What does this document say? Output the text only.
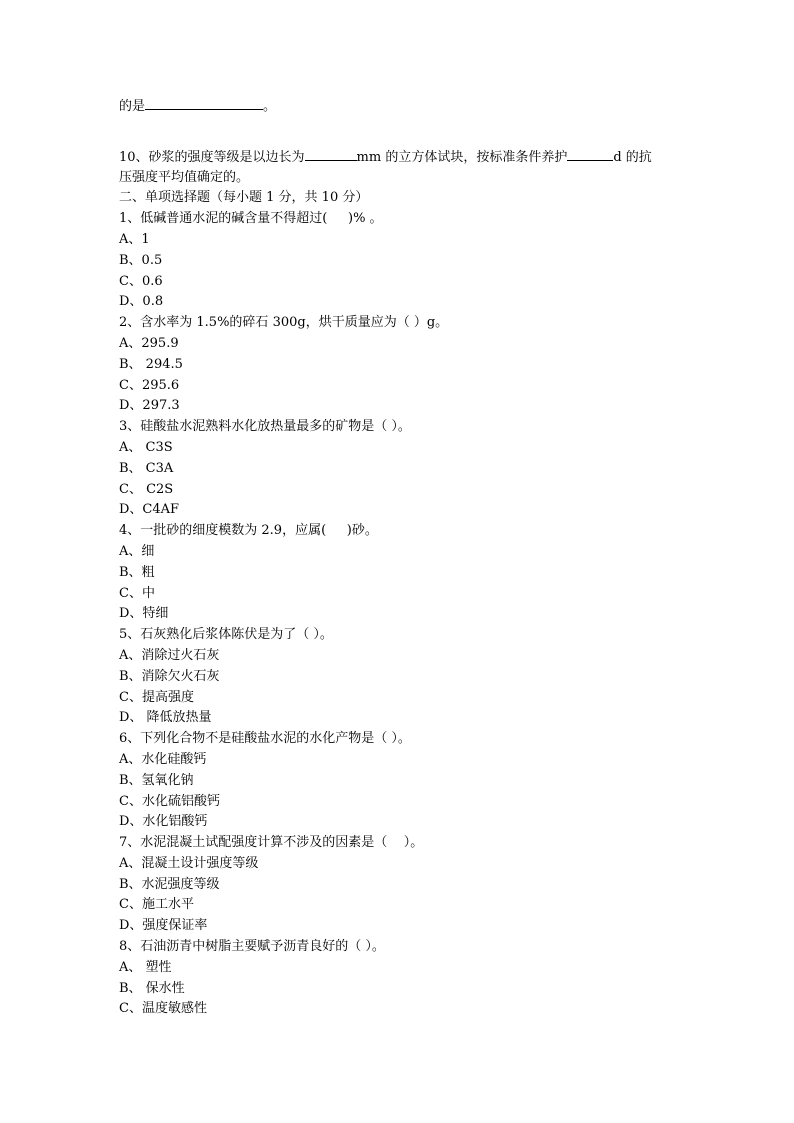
的是	。
10、砂浆的强度等级是以边长为	mm 的立方体试块，按标准条件养护	d 的抗
压强度平均值确定的。
二、单项选择题（每小题 1 分，共 10 分）
1、低碱普通水泥的碱含量不得超过(     )% 。
A、1
B、0.5
C、0.6
D、0.8
2、含水率为 1.5%的碎石 300g，烘干质量应为（ ）g。
A、295.9
B、 294.5
C、295.6
D、297.3
3、硅酸盐水泥熟料水化放热量最多的矿物是（ ）。
A、 C3S
B、 C3A
C、 C2S
D、C4AF
4、一批砂的细度模数为 2.9，应属(     )砂。
A、细
B、粗
C、中
D、特细
5、石灰熟化后浆体陈伏是为了（ ）。
A、消除过火石灰
B、消除欠火石灰
C、提高强度
D、 降低放热量
6、下列化合物不是硅酸盐水泥的水化产物是（ ）。
A、水化硅酸钙
B、氢氧化钠
C、水化硫铝酸钙
D、水化铝酸钙
7、水泥混凝土试配强度计算不涉及的因素是（    ）。
A、混凝土设计强度等级
B、水泥强度等级
C、施工水平
D、强度保证率
8、石油沥青中树脂主要赋予沥青良好的（ ）。
A、 塑性
B、 保水性
C、温度敏感性
